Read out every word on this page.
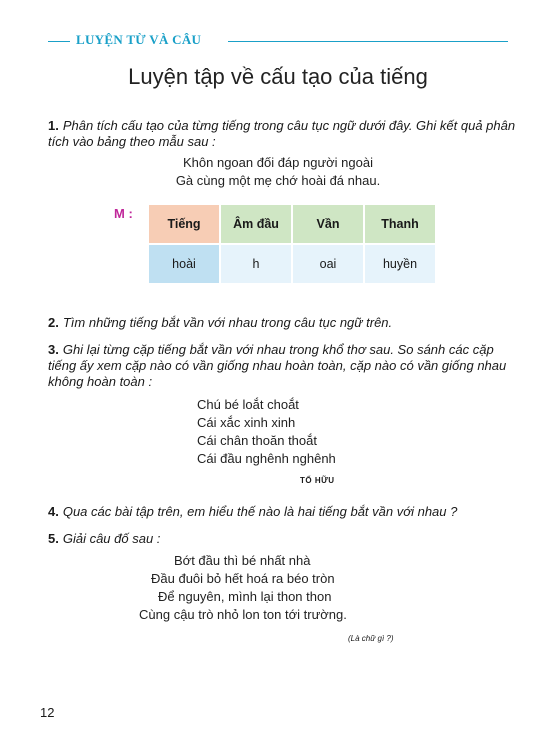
LUYỆN TỪ VÀ CÂU
Luyện tập về cấu tạo của tiếng
1. Phân tích cấu tạo của từng tiếng trong câu tục ngữ dưới đây. Ghi kết quả phân tích vào bảng theo mẫu sau :
Khôn ngoan đối đáp người ngoài
Gà cùng một mẹ chớ hoài đá nhau.
M :
Tiếng	Âm đầu	Vần	Thanh
hoài	h	oai	huyền
2. Tìm những tiếng bắt vần với nhau trong câu tục ngữ trên.
3. Ghi lại từng cặp tiếng bắt vần với nhau trong khổ thơ sau. So sánh các cặp tiếng ấy xem cặp nào có vần giống nhau hoàn toàn, cặp nào có vần giống nhau không hoàn toàn :
Chú bé loắt choắt
Cái xắc xinh xinh
Cái chân thoăn thoắt
Cái đầu nghênh nghênh
TỐ HỮU
4. Qua các bài tập trên, em hiểu thế nào là hai tiếng bắt vần với nhau ?
5. Giải câu đố sau :
Bớt đầu thì bé nhất nhà
Đầu đuôi bỏ hết hoá ra béo tròn
Để nguyên, mình lại thon thon
Cùng cậu trò nhỏ lon ton tới trường.
(Là chữ gì ?)
12
